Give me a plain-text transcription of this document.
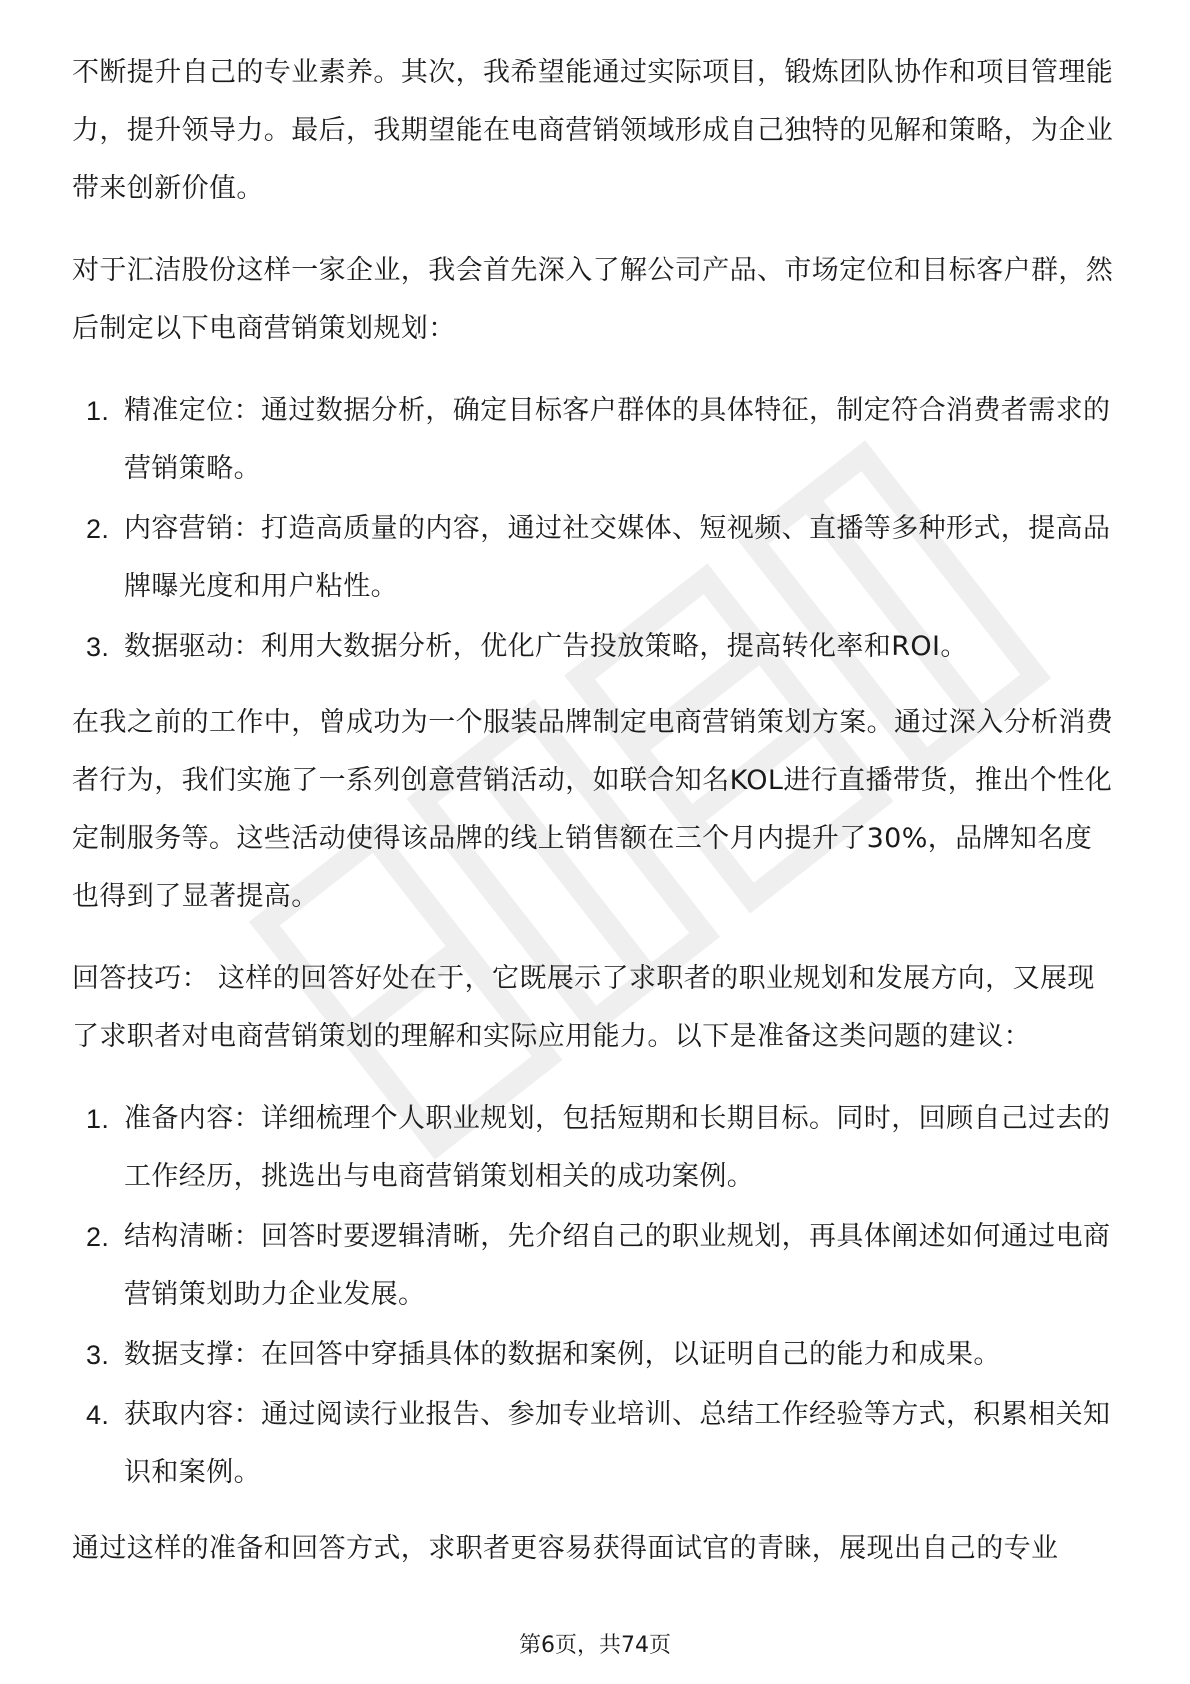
不断提升自己的专业素养。其次，我希望能通过实际项目，锻炼团队协作和项目管理能力，提升领导力。最后，我期望能在电商营销领域形成自己独特的见解和策略，为企业带来创新价值。

对于汇洁股份这样一家企业，我会首先深入了解公司产品、市场定位和目标客户群，然后制定以下电商营销策划规划：

1. 精准定位：通过数据分析，确定目标客户群体的具体特征，制定符合消费者需求的营销策略。
2. 内容营销：打造高质量的内容，通过社交媒体、短视频、直播等多种形式，提高品牌曝光度和用户粘性。
3. 数据驱动：利用大数据分析，优化广告投放策略，提高转化率和ROI。

在我之前的工作中，曾成功为一个服装品牌制定电商营销策划方案。通过深入分析消费者行为，我们实施了一系列创意营销活动，如联合知名KOL进行直播带货，推出个性化定制服务等。这些活动使得该品牌的线上销售额在三个月内提升了30%，品牌知名度也得到了显著提高。

回答技巧： 这样的回答好处在于，它既展示了求职者的职业规划和发展方向，又展现了求职者对电商营销策划的理解和实际应用能力。以下是准备这类问题的建议：

1. 准备内容：详细梳理个人职业规划，包括短期和长期目标。同时，回顾自己过去的工作经历，挑选出与电商营销策划相关的成功案例。
2. 结构清晰：回答时要逻辑清晰，先介绍自己的职业规划，再具体阐述如何通过电商营销策划助力企业发展。
3. 数据支撑：在回答中穿插具体的数据和案例，以证明自己的能力和成果。
4. 获取内容：通过阅读行业报告、参加专业培训、总结工作经验等方式，积累相关知识和案例。

通过这样的准备和回答方式，求职者更容易获得面试官的青睐，展现出自己的专业

第6页，共74页
